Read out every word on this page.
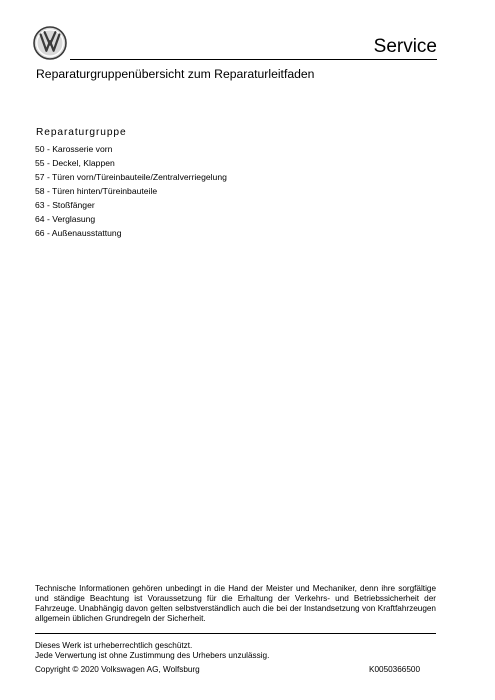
Service
Reparaturgruppenübersicht zum Reparaturleitfaden
Reparaturgruppe
50 - Karosserie vorn
55 - Deckel, Klappen
57 - Türen vorn/Türeinbauteile/Zentralverriegelung
58 - Türen hinten/Türeinbauteile
63 - Stoßfänger
64 - Verglasung
66 - Außenausstattung

Technische Informationen gehören unbedingt in die Hand der Meister und Mechaniker, denn ihre sorgfältige und ständige Beachtung ist Voraussetzung für die Erhaltung der Verkehrs- und Betriebssicherheit der Fahrzeuge. Unabhängig davon gelten selbstverständlich auch die bei der Instandsetzung von Kraftfahrzeugen allgemein üblichen Grundregeln der Sicherheit.

Dieses Werk ist urheberrechtlich geschützt.
Jede Verwertung ist ohne Zustimmung des Urhebers unzulässig.
Copyright © 2020 Volkswagen AG, Wolfsburg	K0050366500
